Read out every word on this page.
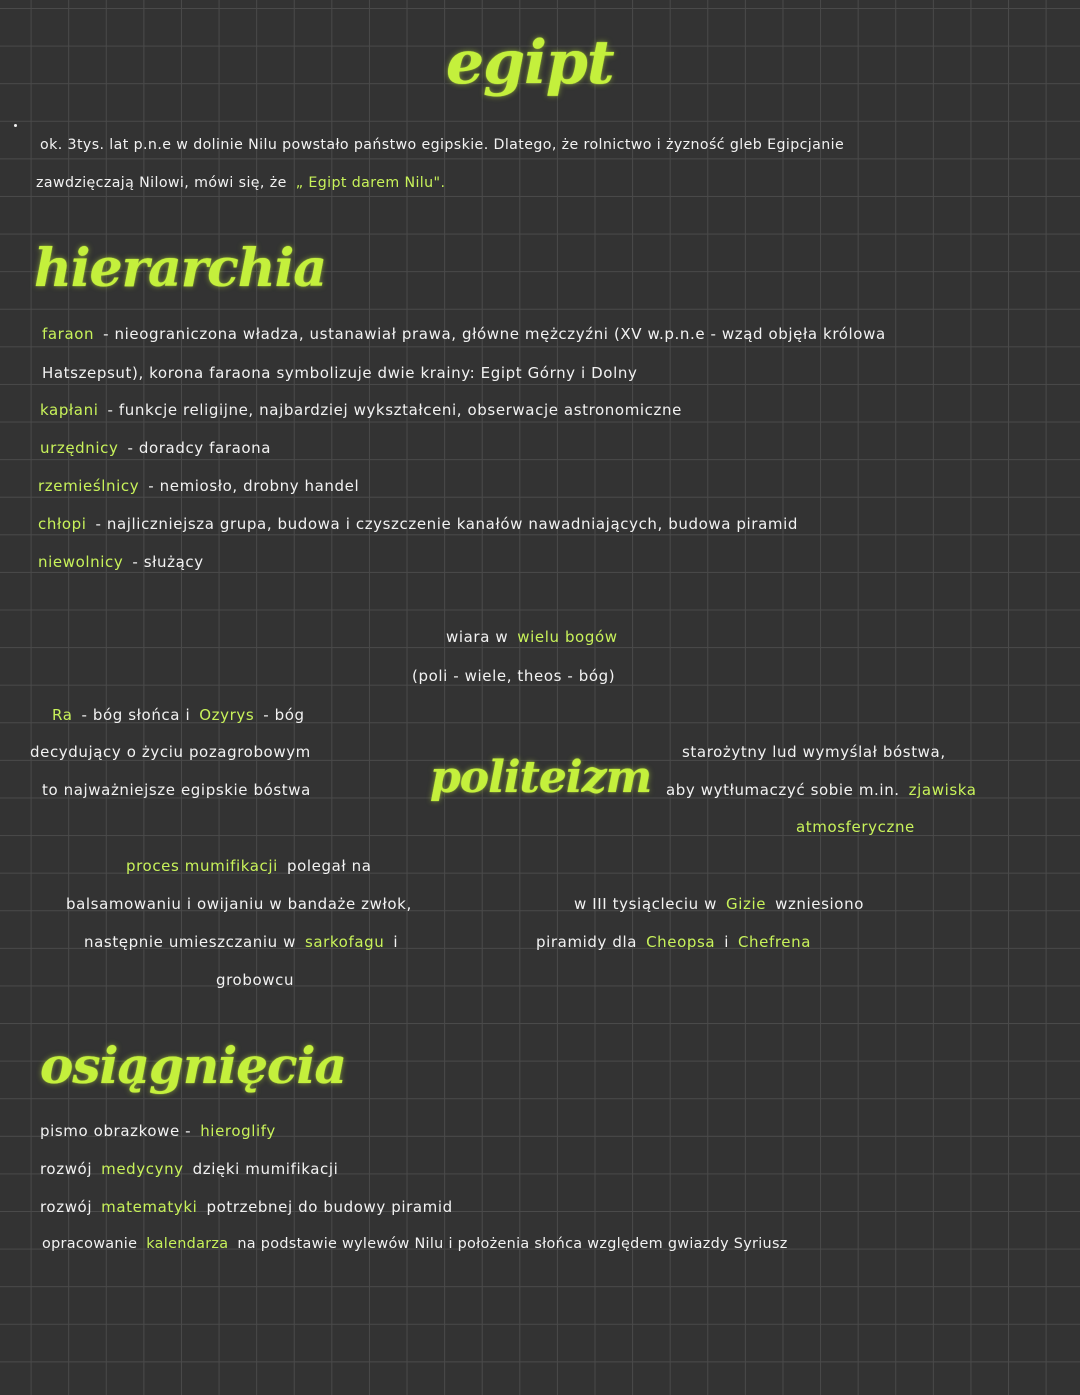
egipt
ok. 3tys. lat p.n.e w dolinie Nilu powstało państwo egipskie. Dlatego, że rolnictwo i żyzność gleb Egipcjanie
zawdzięczają Nilowi, mówi się, że „ Egipt darem Nilu".
hierarchia
faraon - nieograniczona władza, ustanawiał prawa, główne mężczyźni (XV w.p.n.e - wząd objęła królowa
Hatszepsut), korona faraona symbolizuje dwie krainy: Egipt Górny i Dolny
kapłani - funkcje religijne, najbardziej wykształceni, obserwacje astronomiczne
urzędnicy - doradcy faraona
rzemieślnicy - nemiosło, drobny handel
chłopi - najliczniejsza grupa, budowa i czyszczenie kanałów nawadniających, budowa piramid
niewolnicy - służący
wiara w wielu bogów
(poli - wiele, theos - bóg)
Ra - bóg słońca i Ozyrys - bóg
decydujący o życiu pozagrobowym
to najważniejsze egipskie bóstwa	politeizm starożytny lud wymyślał bóstwa,
aby wytłumaczyć sobie m.in. zjawiska
atmosferyczne
proces mumifikacji polegał na
balsamowaniu i owijaniu w bandaże zwłok,
następnie umieszczaniu w sarkofagu i
grobowcu
w III tysiącleciu w Gizie wzniesiono
piramidy dla Cheopsa i Chefrena
osiągnięcia
pismo obrazkowe - hieroglify
rozwój medycyny dzięki mumifikacji
rozwój matematyki potrzebnej do budowy piramid
opracowanie kalendarza na podstawie wylewów Nilu i położenia słońca względem gwiazdy Syriusz
